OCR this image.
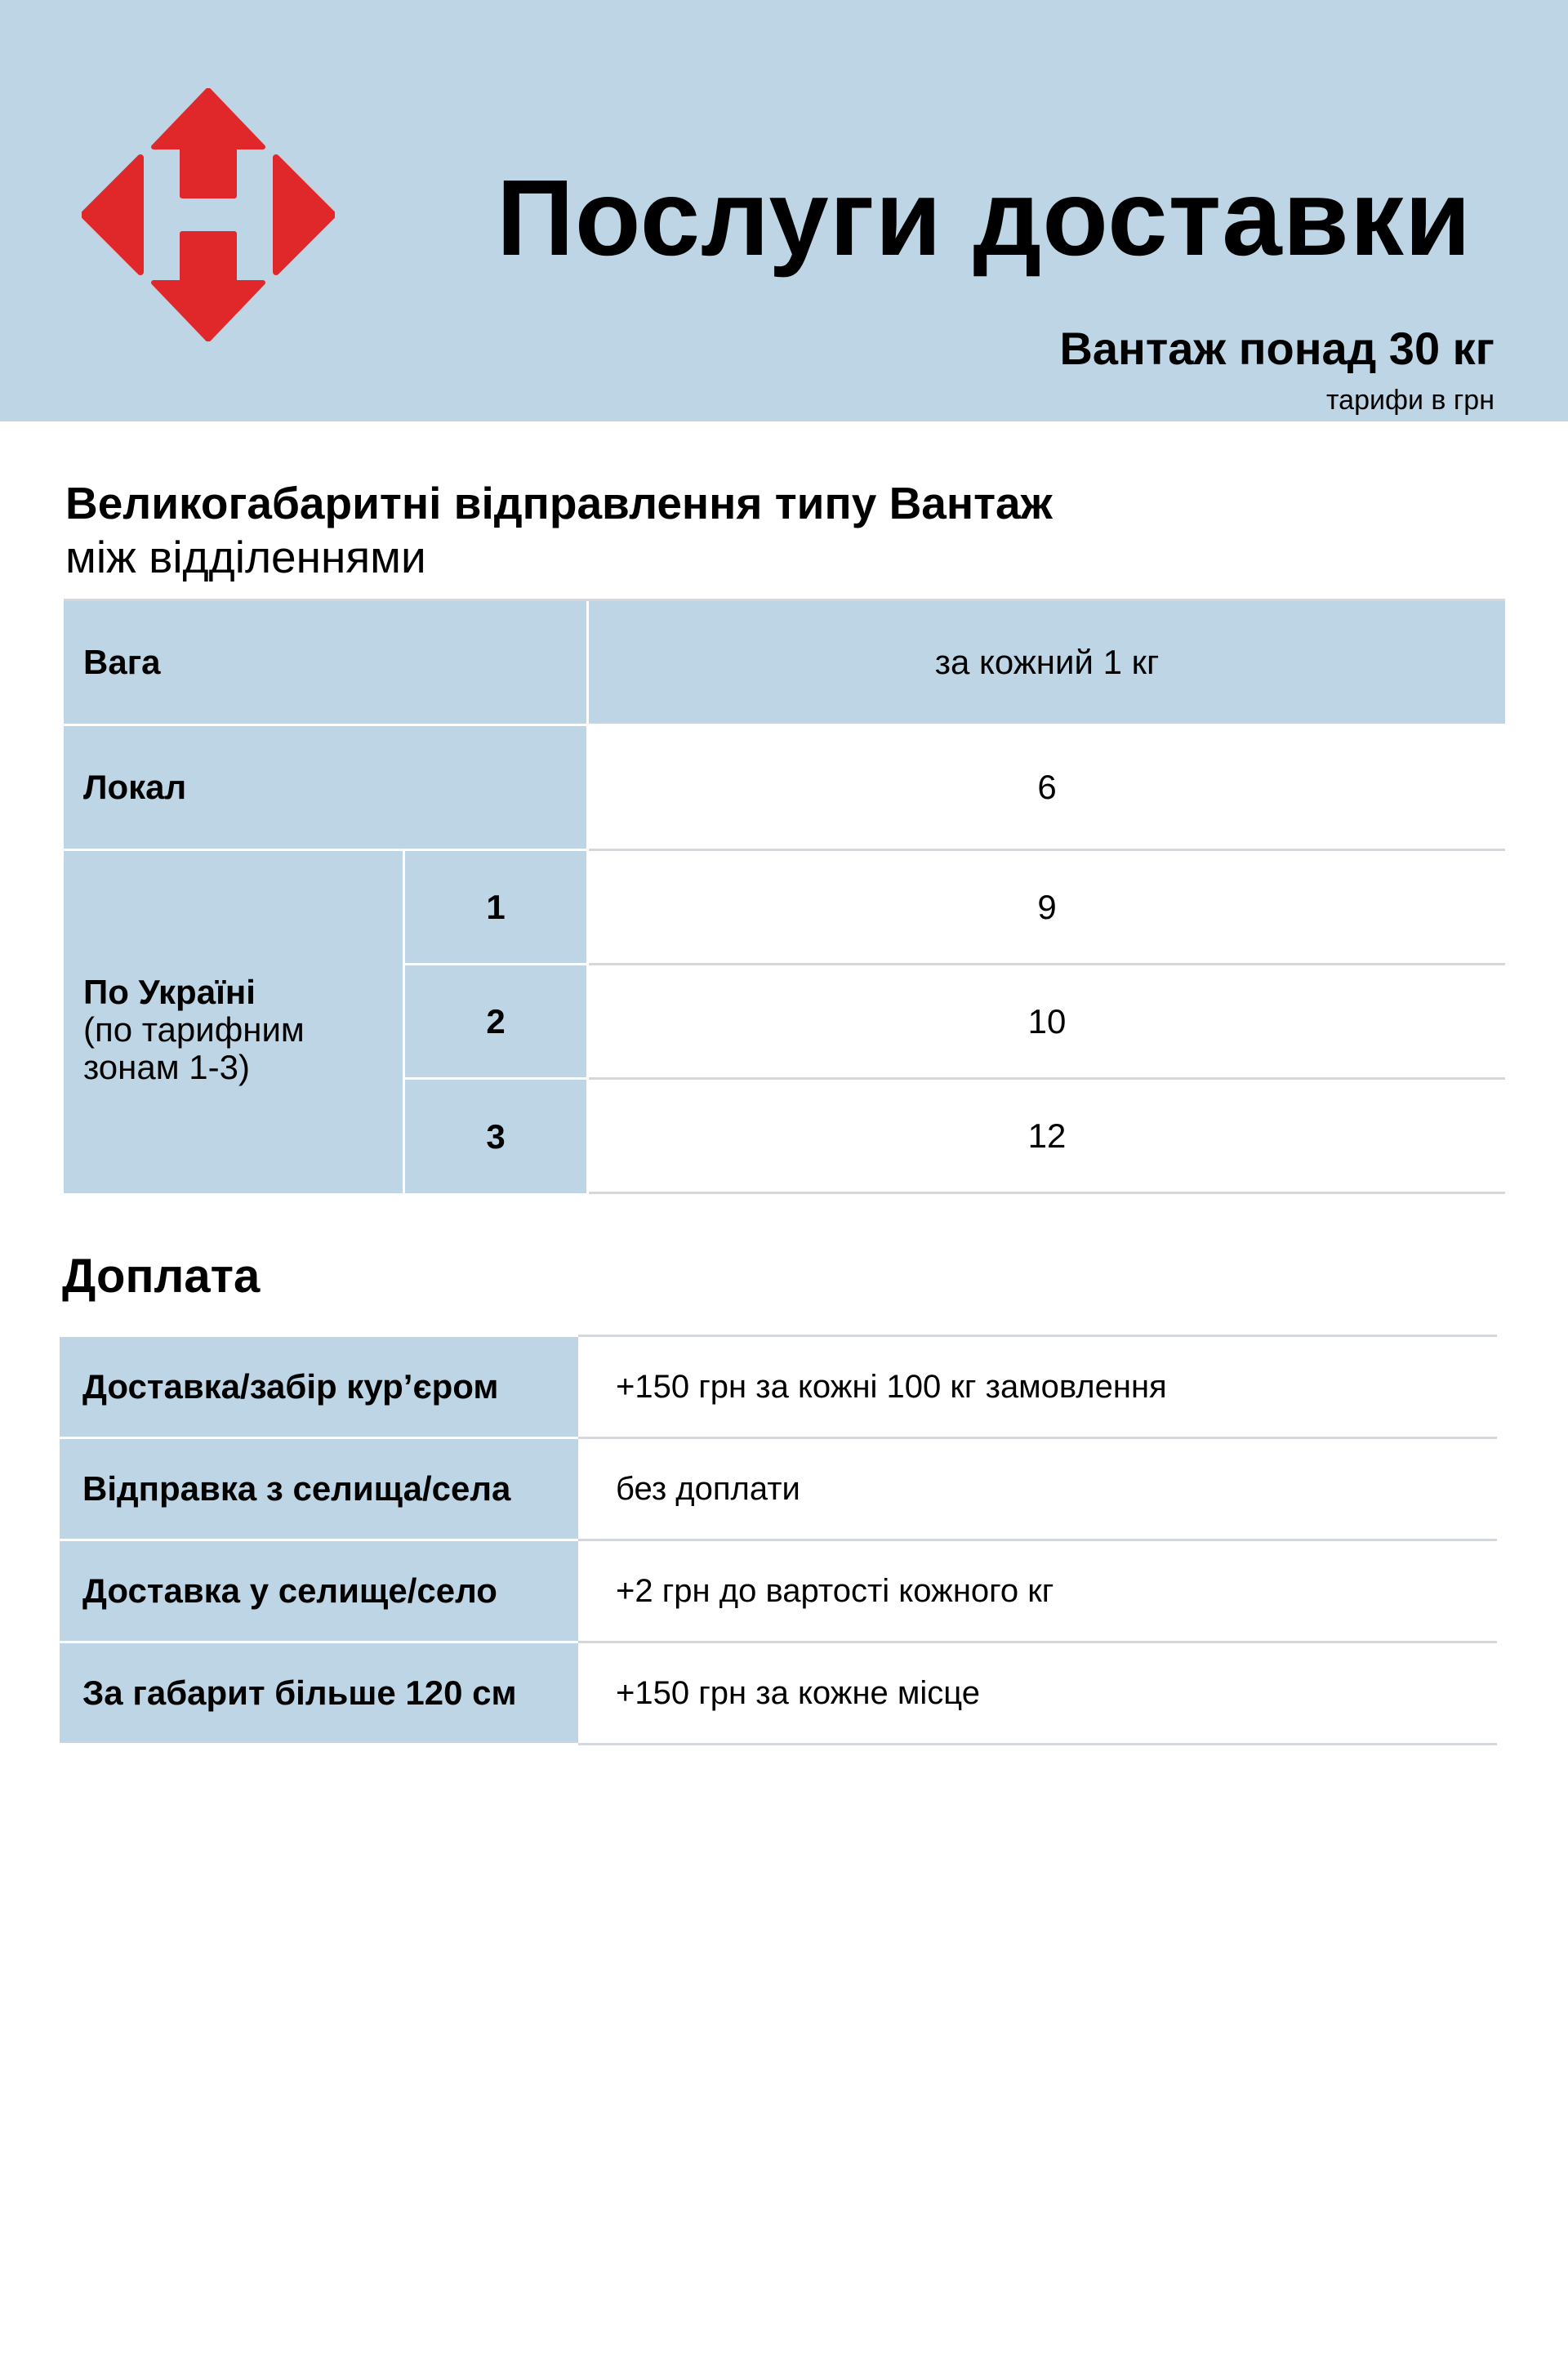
Послуги доставки
Вантаж понад 30 кг
тарифи в грн
Великогабаритні відправлення типу Вантаж
між відділеннями
Вага	за кожний 1 кг
Локал	6
По Україні
(по тарифним
зонам 1-3)
1	9
2	10
3	12
Доплата
Доставка/забір кур’єром	+150 грн за кожні 100 кг замовлення
Відправка з селища/села	без доплати
Доставка у селище/село	+2 грн до вартості кожного кг
За габарит більше 120 см	+150 грн за кожне місце
